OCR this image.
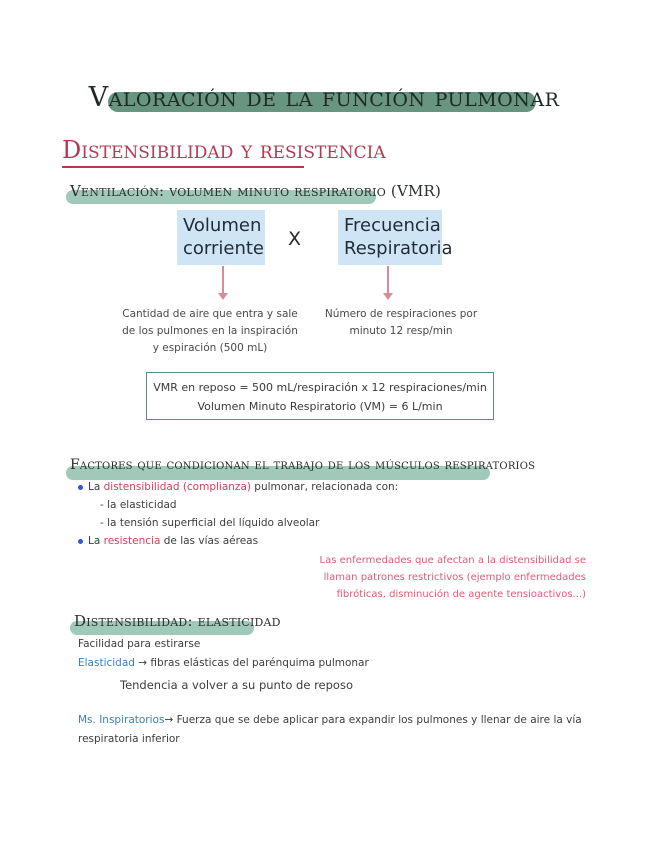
Valoración de la función pulmonar
Distensibilidad y resistencia
Ventilación: volumen minuto respiratorio (VMR)
Volumen
corriente X
Frecuencia
Respiratoria
Cantidad de aire que entra y sale
de los pulmones en la inspiración
y espiración (500 mL)
Número de respiraciones por
minuto 12 resp/min
VMR en reposo = 500 mL/respiración x 12 respiraciones/min
Volumen Minuto Respiratorio (VM) = 6 L/min
Factores que condicionan el trabajo de los músculos respiratorios
La distensibilidad (complianza) pulmonar, relacionada con:
- la elasticidad
- la tensión superficial del líquido alveolar
La resistencia de las vías aéreas
Las enfermedades que afectan a la distensibilidad se
llaman patrones restrictivos (ejemplo enfermedades
fibróticas, disminución de agente tensioactivos...)
Distensibilidad: elasticidad
Facilidad para estirarse
Elasticidad → fibras elásticas del parénquima pulmonar
Tendencia a volver a su punto de reposo
Ms. Inspiratorios→ Fuerza que se debe aplicar para expandir los pulmones y llenar de aire la vía
respiratoria inferior
